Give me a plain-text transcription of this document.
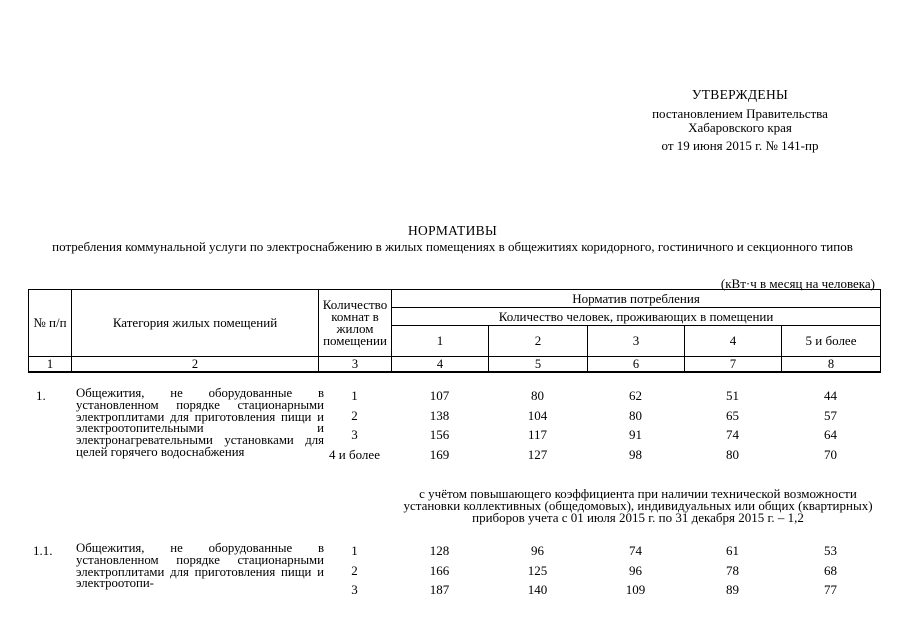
УТВЕРЖДЕНЫ
постановлением Правительства
Хабаровского края
от 19 июня 2015 г. № 141-пр
НОРМАТИВЫ
потребления коммунальной услуги по электроснабжению в жилых помещениях в общежитиях коридорного, гостиничного и секционного типов
(кВт·ч в месяц на человека)
№ п/п	Категория жилых помещений	Количество комнат в жилом помещении	Норматив потребления				
			Количество человек, проживающих в помещении				
			1	2	3	4	5 и более
1	2	3	4	5	6	7	8
1. Общежития, не оборудованные в установленном порядке стационарными электроплитами для приготовления пищи и электроотопительными и электронагревательными установками для целей горячего водоснабжения
1	107	80	62	51	44
2	138	104	80	65	57
3	156	117	91	74	64
4 и более	169	127	98	80	70
с учётом повышающего коэффициента при наличии технической возможности установки коллективных (общедомовых), индивидуальных или общих (квартирных) приборов учета с 01 июля 2015 г. по 31 декабря 2015 г. – 1,2
1.1. Общежития, не оборудованные в установленном порядке стационарными электроплитами для приготовления пищи и электроотопи-
1	128	96	74	61	53
2	166	125	96	78	68
3	187	140	109	89	77
